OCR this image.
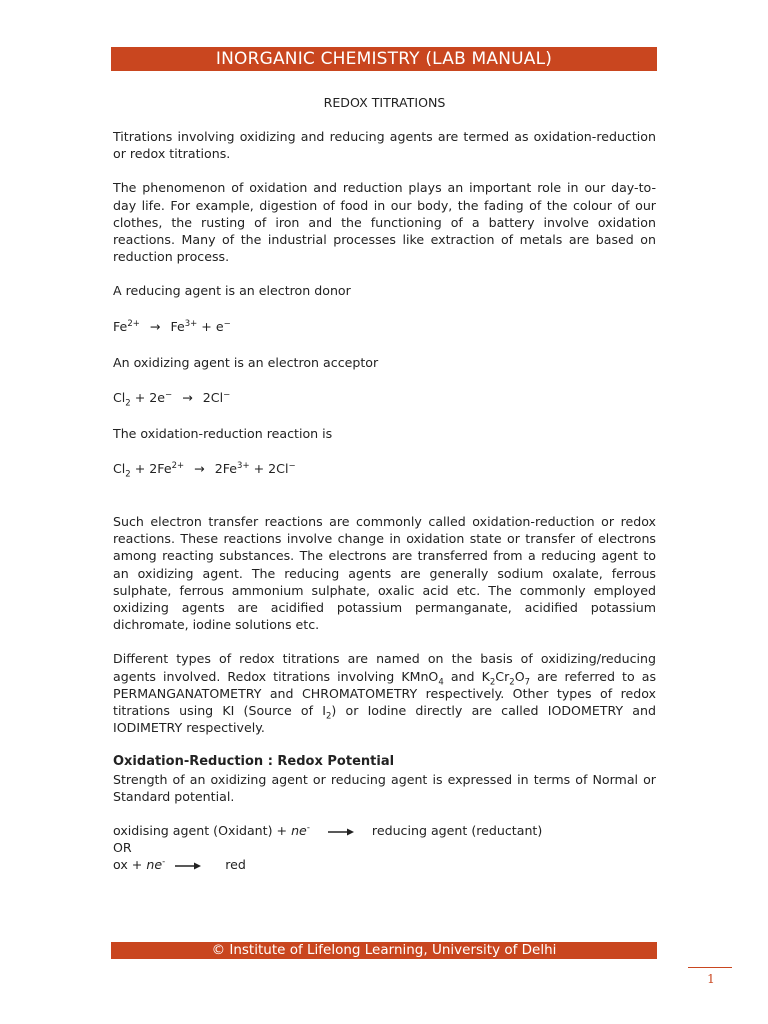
INORGANIC CHEMISTRY (LAB MANUAL)
REDOX TITRATIONS

Titrations involving oxidizing and reducing agents are termed as oxidation-reduction or redox titrations.

The phenomenon of oxidation and reduction plays an important role in our day-to-day life. For example, digestion of food in our body, the fading of the colour of our clothes, the rusting of iron and the functioning of a battery involve oxidation reactions. Many of the industrial processes like extraction of metals are based on reduction process.

A reducing agent is an electron donor

$Fe^{2+} \to Fe^{3+} + e^-$

An oxidizing agent is an electron acceptor

$Cl_2 + 2e^- \to 2Cl^-$

The oxidation-reduction reaction is

$Cl_2 + 2Fe^{2+} \to 2Fe^{3+} + 2Cl^-$

Such electron transfer reactions are commonly called oxidation-reduction or redox reactions. These reactions involve change in oxidation state or transfer of electrons among reacting substances. The electrons are transferred from a reducing agent to an oxidizing agent. The reducing agents are generally sodium oxalate, ferrous sulphate, ferrous ammonium sulphate, oxalic acid etc. The commonly employed oxidizing agents are acidified potassium permanganate, acidified potassium dichromate, iodine solutions etc.

Different types of redox titrations are named on the basis of oxidizing/reducing agents involved. Redox titrations involving KMnO$_4$ and $K_2Cr_2O_7$ are referred to as PERMANGANATOMETRY and CHROMATOMETRY respectively. Other types of redox titrations using KI (Source of $I_2$) or Iodine directly are called IODOMETRY and IODIMETRY respectively.

Oxidation-Reduction : Redox Potential

Strength of an oxidizing agent or reducing agent is expressed in terms of Normal or Standard potential.

oxidising agent (Oxidant) + ne-	reducing agent (reductant)
OR
ox + ne-	red
© Institute of Lifelong Learning, University of Delhi
1
